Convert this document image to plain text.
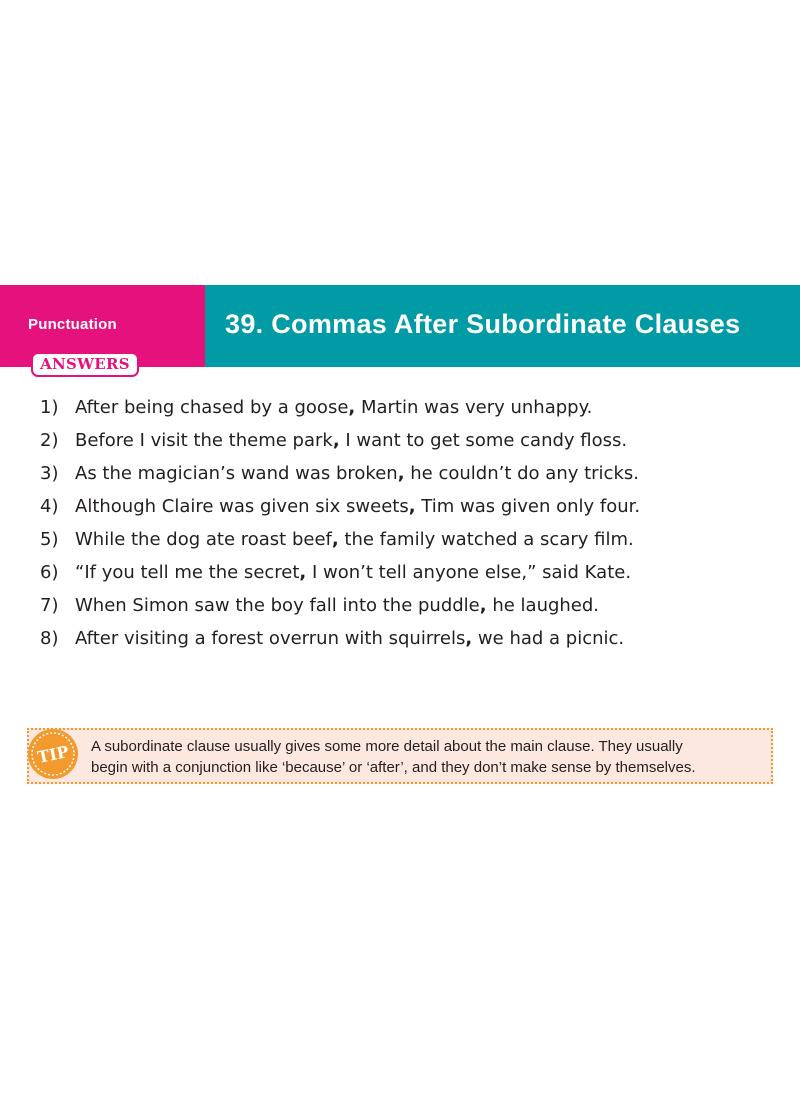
Punctuation	39. Commas After Subordinate Clauses
ANSWERS
1) After being chased by a goose, Martin was very unhappy.
2) Before I visit the theme park, I want to get some candy floss.
3) As the magician’s wand was broken, he couldn’t do any tricks.
4) Although Claire was given six sweets, Tim was given only four.
5) While the dog ate roast beef, the family watched a scary film.
6) “If you tell me the secret, I won’t tell anyone else,” said Kate.
7) When Simon saw the boy fall into the puddle, he laughed.
8) After visiting a forest overrun with squirrels, we had a picnic.
TIP A subordinate clause usually gives some more detail about the main clause. They usually
begin with a conjunction like ‘because’ or ‘after’, and they don’t make sense by themselves.
